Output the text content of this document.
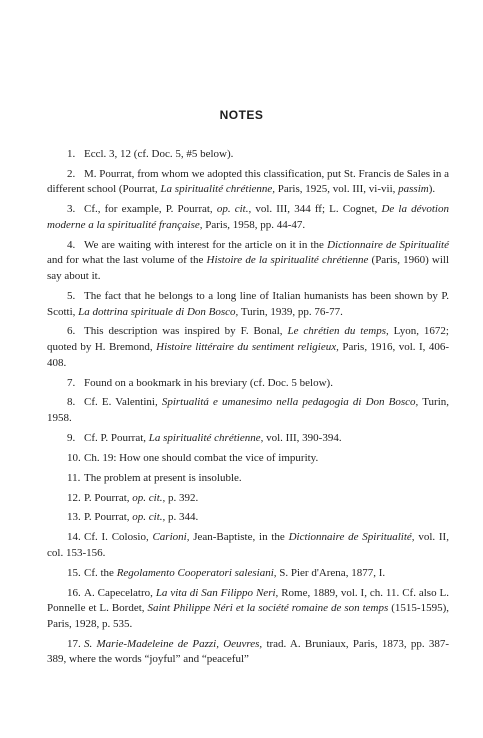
NOTES

1. Eccl. 3, 12 (cf. Doc. 5, #5 below).

2. M. Pourrat, from whom we adopted this classification, put St. Francis de Sales in a different school (Pourrat, La spiritualité chrétienne, Paris, 1925, vol. III, vi-vii, passim).

3. Cf., for example, P. Pourrat, op. cit., vol. III, 344 ff; L. Cognet, De la dévotion moderne a la spiritualité française, Paris, 1958, pp. 44-47.

4. We are waiting with interest for the article on it in the Dictionnaire de Spiritualité and for what the last volume of the Histoire de la spiritualité chrétienne (Paris, 1960) will say about it.

5. The fact that he belongs to a long line of Italian humanists has been shown by P. Scotti, La dottrina spirituale di Don Bosco, Turin, 1939, pp. 76-77.

6. This description was inspired by F. Bonal, Le chrétien du temps, Lyon, 1672; quoted by H. Bremond, Histoire littéraire du sentiment religieux, Paris, 1916, vol. I, 406-408.

7. Found on a bookmark in his breviary (cf. Doc. 5 below).

8. Cf. E. Valentini, Spirtualitá e umanesimo nella pedagogia di Don Bosco, Turin, 1958.

9. Cf. P. Pourrat, La spiritualité chrétienne, vol. III, 390-394.

10. Ch. 19: How one should combat the vice of impurity.

11. The problem at present is insoluble.

12. P. Pourrat, op. cit., p. 392.

13. P. Pourrat, op. cit., p. 344.

14. Cf. I. Colosio, Carioni, Jean-Baptiste, in the Dictionnaire de Spiritualité, vol. II, col. 153-156.

15. Cf. the Regolamento Cooperatori salesiani, S. Pier d'Arena, 1877, I.

16. A. Capecelatro, La vita di San Filippo Neri, Rome, 1889, vol. I, ch. 11. Cf. also L. Ponnelle et L. Bordet, Saint Philippe Néri et la société romaine de son temps (1515-1595), Paris, 1928, p. 535.

17. S. Marie-Madeleine de Pazzi, Oeuvres, trad. A. Bruniaux, Paris, 1873, pp. 387-389, where the words “joyful” and “peaceful”
